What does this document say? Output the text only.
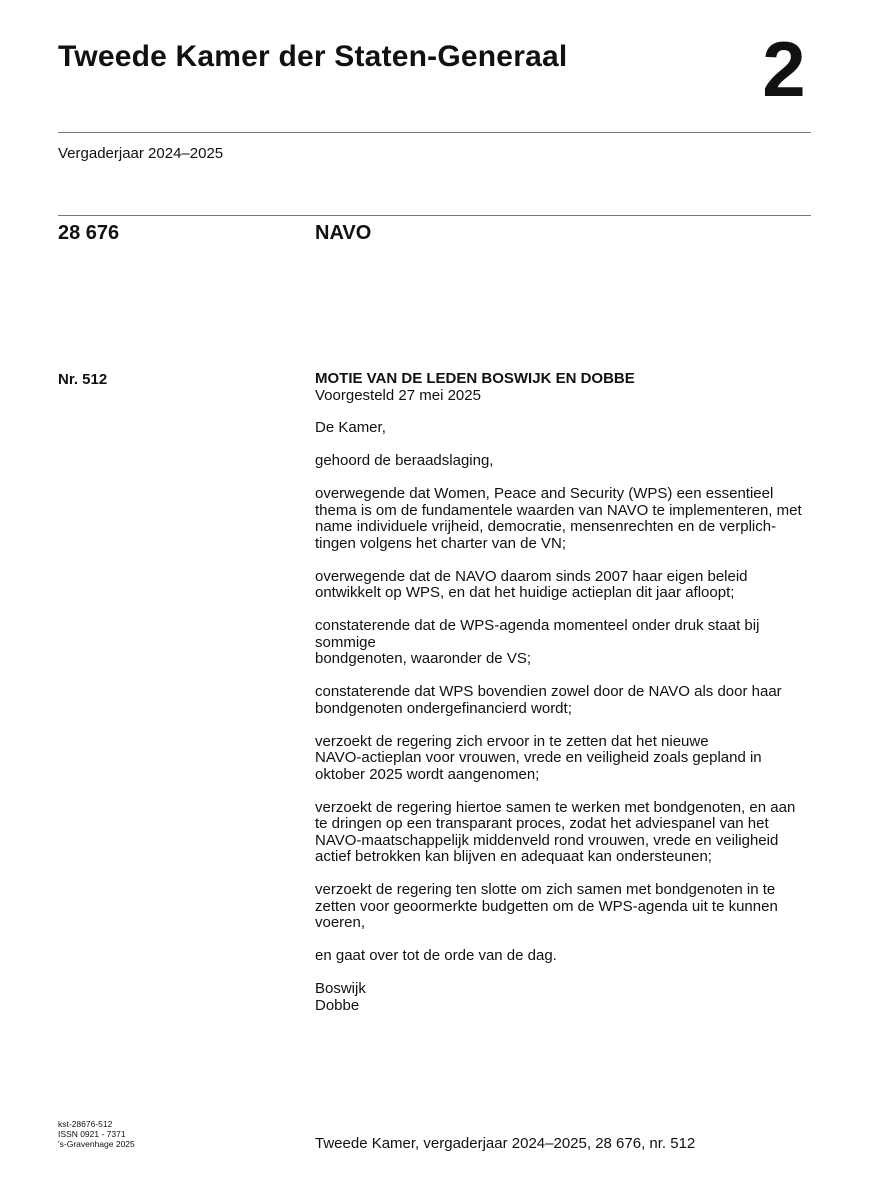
Tweede Kamer der Staten-Generaal 2
Vergaderjaar 2024–2025
28 676	NAVO
Nr. 512	MOTIE VAN DE LEDEN BOSWIJK EN DOBBE
Voorgesteld 27 mei 2025
De Kamer,
gehoord de beraadslaging,
overwegende dat Women, Peace and Security (WPS) een essentieel
thema is om de fundamentele waarden van NAVO te implementeren, met
name individuele vrijheid, democratie, mensenrechten en de verplich-
tingen volgens het charter van de VN;
overwegende dat de NAVO daarom sinds 2007 haar eigen beleid
ontwikkelt op WPS, en dat het huidige actieplan dit jaar afloopt;
constaterende dat de WPS-agenda momenteel onder druk staat bij
sommige
bondgenoten, waaronder de VS;
constaterende dat WPS bovendien zowel door de NAVO als door haar
bondgenoten ondergefinancierd wordt;
verzoekt de regering zich ervoor in te zetten dat het nieuwe
NAVO-actieplan voor vrouwen, vrede en veiligheid zoals gepland in
oktober 2025 wordt aangenomen;
verzoekt de regering hiertoe samen te werken met bondgenoten, en aan
te dringen op een transparant proces, zodat het adviespanel van het
NAVO-maatschappelijk middenveld rond vrouwen, vrede en veiligheid
actief betrokken kan blijven en adequaat kan ondersteunen;
verzoekt de regering ten slotte om zich samen met bondgenoten in te
zetten voor geoormerkte budgetten om de WPS-agenda uit te kunnen
voeren,
en gaat over tot de orde van de dag.
Boswijk
Dobbe
kst-28676-512
ISSN 0921 - 7371
's-Gravenhage 2025	Tweede Kamer, vergaderjaar 2024–2025, 28 676, nr. 512
